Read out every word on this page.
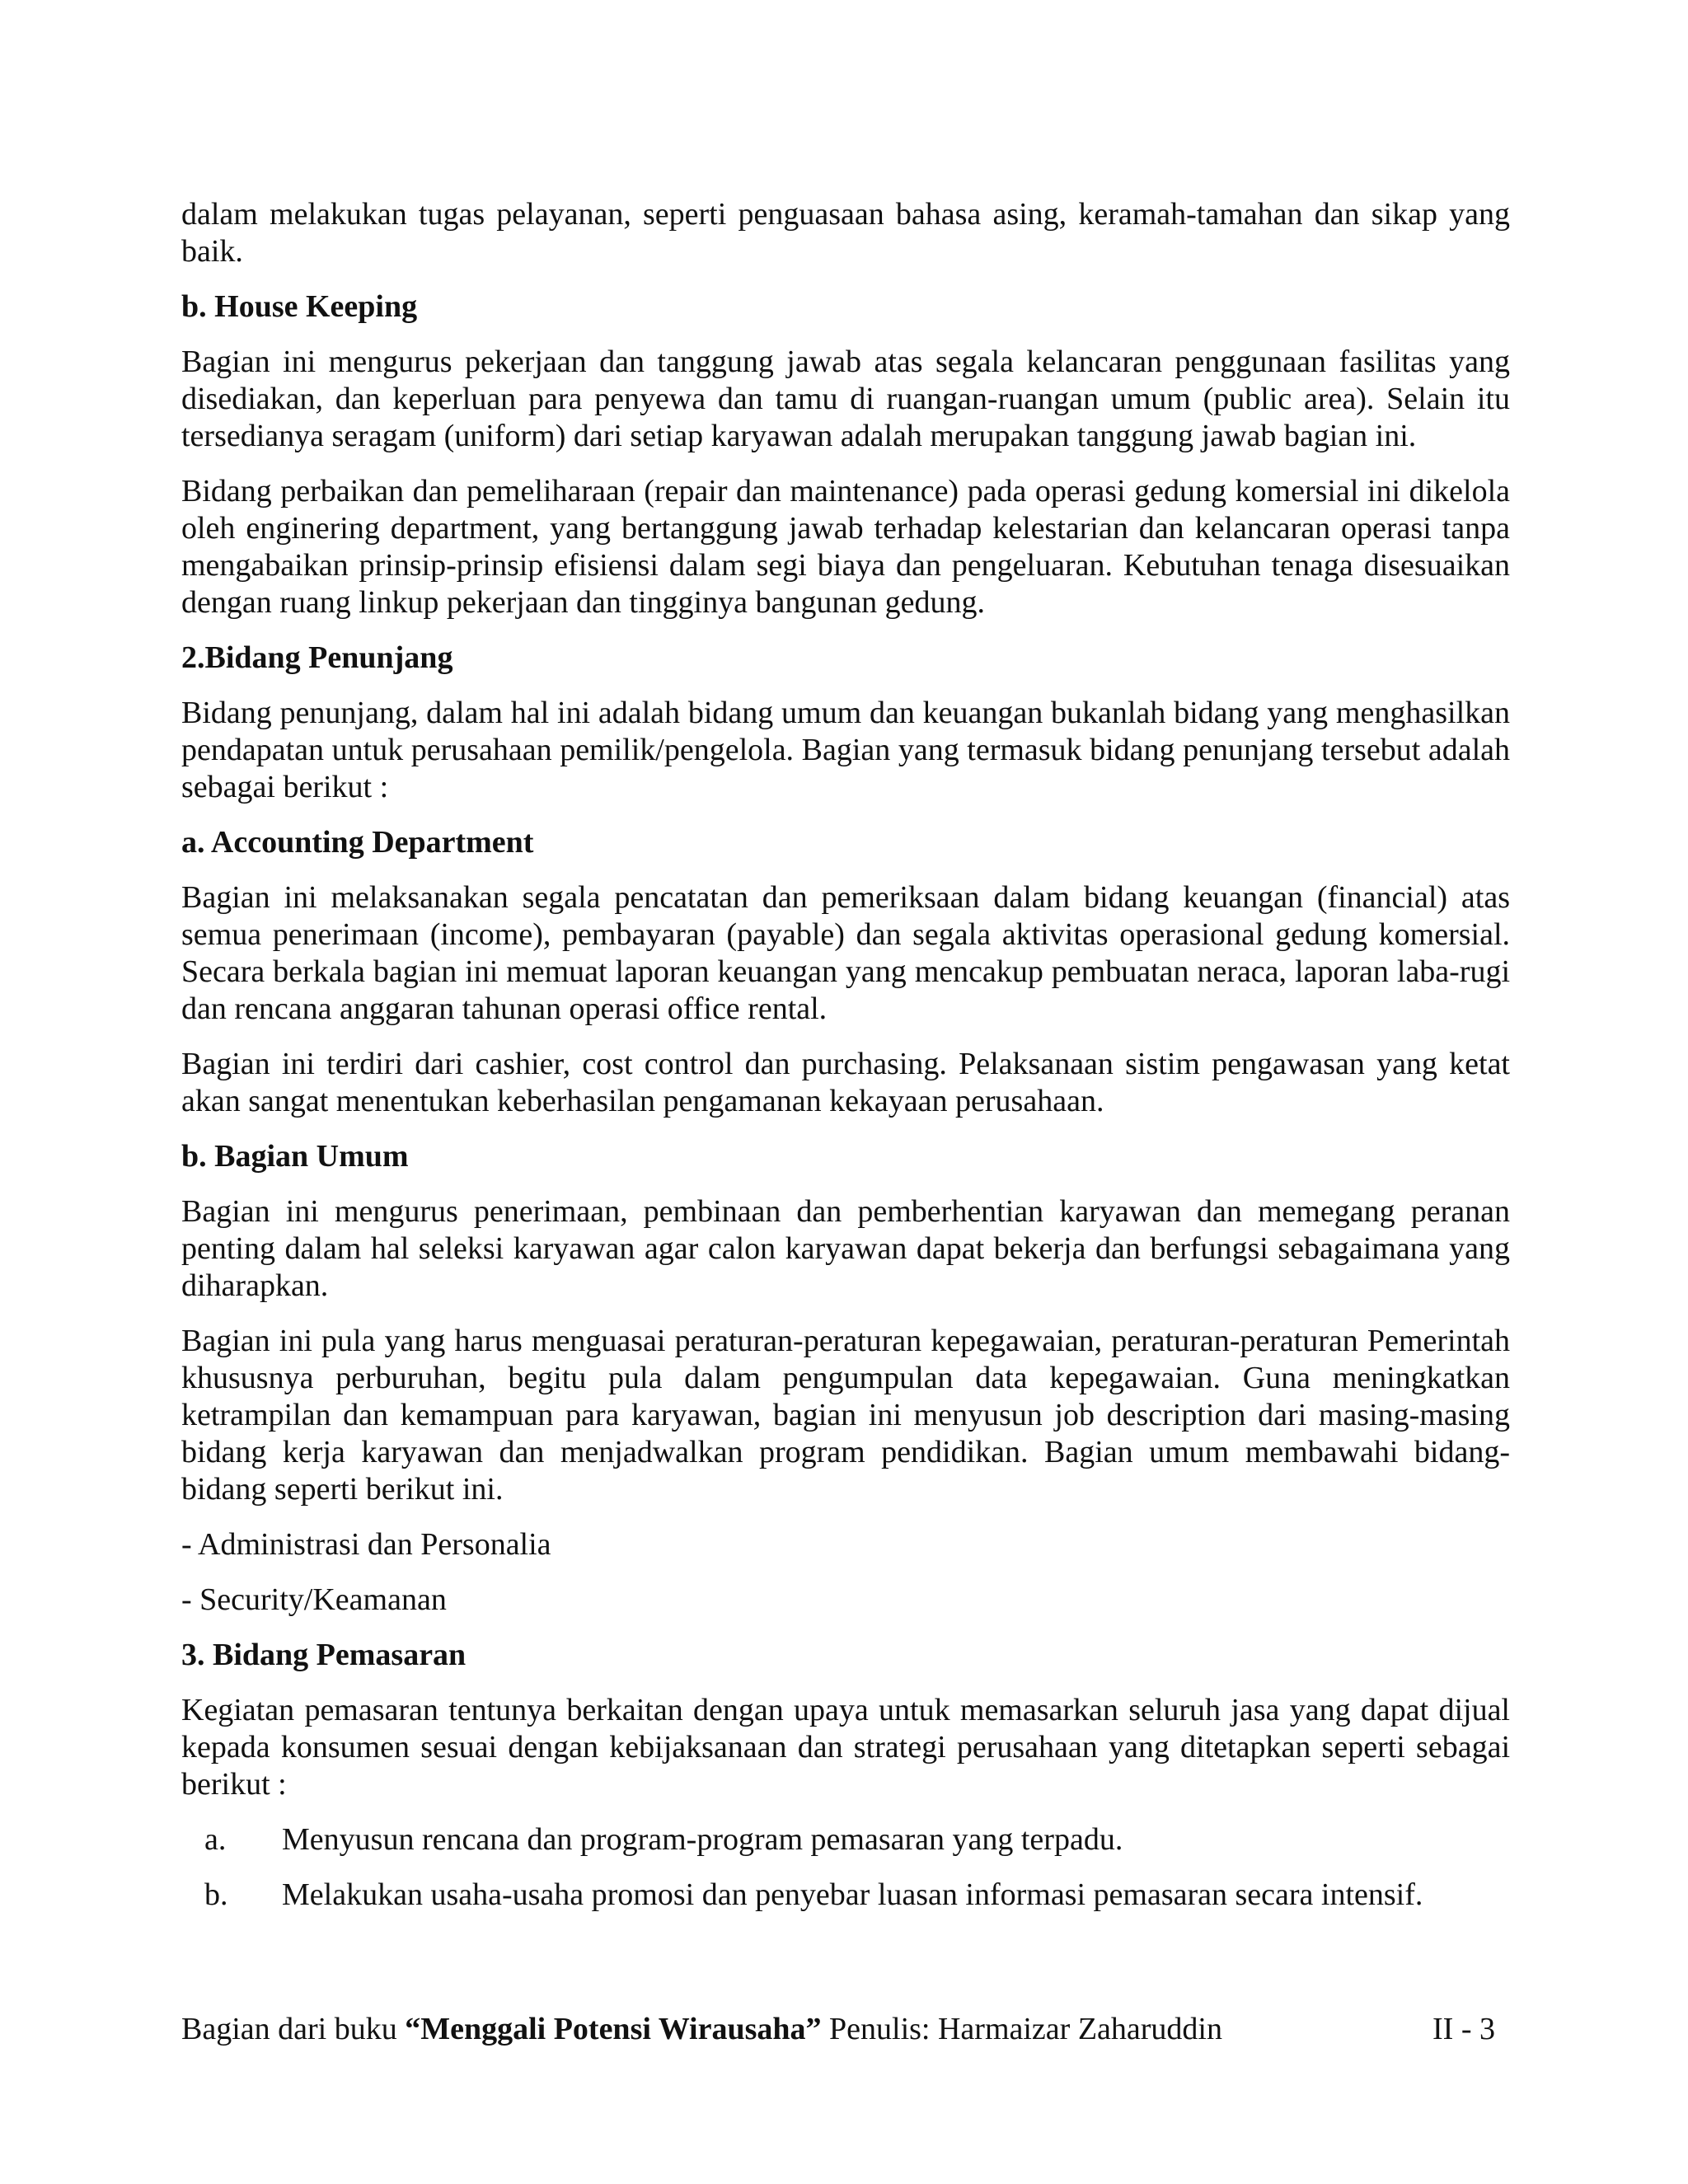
dalam melakukan tugas pelayanan, seperti penguasaan bahasa asing, keramah-tamahan dan sikap yang baik.

b. House Keeping

Bagian ini mengurus pekerjaan dan tanggung jawab atas segala kelancaran penggunaan fasilitas yang disediakan, dan keperluan para penyewa dan tamu di ruangan-ruangan umum (public area). Selain itu tersedianya seragam (uniform) dari setiap karyawan adalah merupakan tanggung jawab bagian ini.

Bidang perbaikan dan pemeliharaan (repair dan maintenance) pada operasi gedung komersial ini dikelola oleh enginering department, yang bertanggung jawab terhadap kelestarian dan kelancaran operasi tanpa mengabaikan prinsip-prinsip efisiensi dalam segi biaya dan pengeluaran. Kebutuhan tenaga disesuaikan dengan ruang linkup pekerjaan dan tingginya bangunan gedung.

2.Bidang Penunjang

Bidang penunjang, dalam hal ini adalah bidang umum dan keuangan bukanlah bidang yang menghasilkan pendapatan untuk perusahaan pemilik/pengelola. Bagian yang termasuk bidang penunjang tersebut adalah sebagai berikut :

a. Accounting Department

Bagian ini melaksanakan segala pencatatan dan pemeriksaan dalam bidang keuangan (financial) atas semua penerimaan (income), pembayaran (payable) dan segala aktivitas operasional gedung komersial. Secara berkala bagian ini memuat laporan keuangan yang mencakup pembuatan neraca, laporan laba-rugi dan rencana anggaran tahunan operasi office rental.

Bagian ini terdiri dari cashier, cost control dan purchasing. Pelaksanaan sistim pengawasan yang ketat akan sangat menentukan keberhasilan pengamanan kekayaan perusahaan.

b. Bagian Umum

Bagian ini mengurus penerimaan, pembinaan dan pemberhentian karyawan dan memegang peranan penting dalam hal seleksi karyawan agar calon karyawan dapat bekerja dan berfungsi sebagaimana yang diharapkan.

Bagian ini pula yang harus menguasai peraturan-peraturan kepegawaian, peraturan-peraturan Pemerintah khususnya perburuhan, begitu pula dalam pengumpulan data kepegawaian. Guna meningkatkan ketrampilan dan kemampuan para karyawan, bagian ini menyusun job description dari masing-masing bidang kerja karyawan dan menjadwalkan program pendidikan. Bagian umum membawahi bidang-bidang seperti berikut ini.

- Administrasi dan Personalia
- Security/Keamanan
3. Bidang Pemasaran

Kegiatan pemasaran tentunya berkaitan dengan upaya untuk memasarkan seluruh jasa yang dapat dijual kepada konsumen sesuai dengan kebijaksanaan dan strategi perusahaan yang ditetapkan seperti sebagai berikut :

a.	Menyusun rencana dan program-program pemasaran yang terpadu.
b.	Melakukan usaha-usaha promosi dan penyebar luasan informasi pemasaran secara intensif.
Bagian dari buku “Menggali Potensi Wirausaha” Penulis: Harmaizar Zaharuddin	II - 3
